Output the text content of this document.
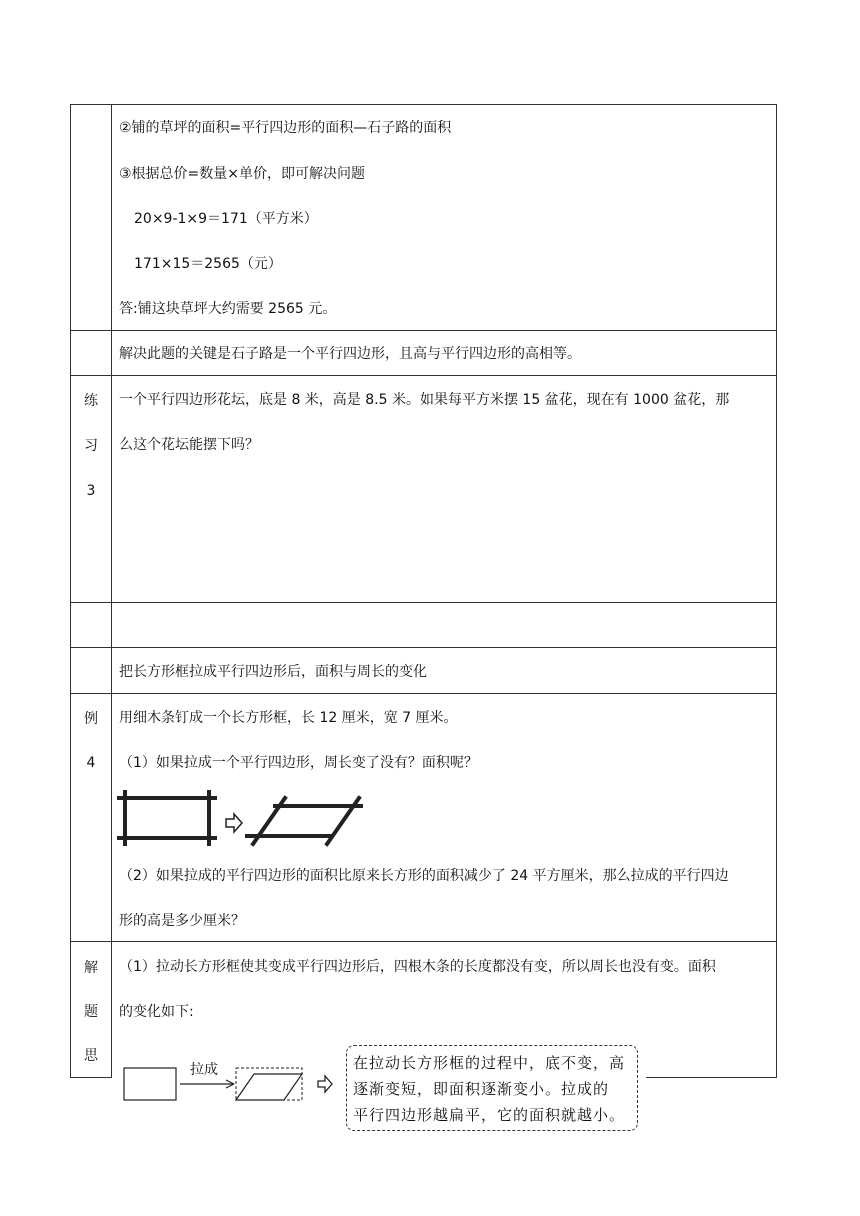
②铺的草坪的面积=平行四边形的面积—石子路的面积
③根据总价=数量×单价，即可解决问题
20×9-1×9＝171（平方米）
171×15＝2565（元）
答:铺这块草坪大约需要 2565 元。
解决此题的关键是石子路是一个平行四边形，且高与平行四边形的高相等。
练
习
3
一个平行四边形花坛，底是 8 米，高是 8.5 米。如果每平方米摆 15 盆花，现在有 1000 盆花，那
么这个花坛能摆下吗？
把长方形框拉成平行四边形后，面积与周长的变化
例
4
用细木条钉成一个长方形框，长 12 厘米，宽 7 厘米。
（1）如果拉成一个平行四边形，周长变了没有？面积呢？
（2）如果拉成的平行四边形的面积比原来长方形的面积减少了 24 平方厘米，那么拉成的平行四边
形的高是多少厘米？
解
题
思
（1）拉动长方形框使其变成平行四边形后，四根木条的长度都没有变，所以周长也没有变。面积
的变化如下:
拉成	在拉动长方形框的过程中，底不变，高
逐渐变短，即面积逐渐变小。拉成的
平行四边形越扁平，它的面积就越小。
